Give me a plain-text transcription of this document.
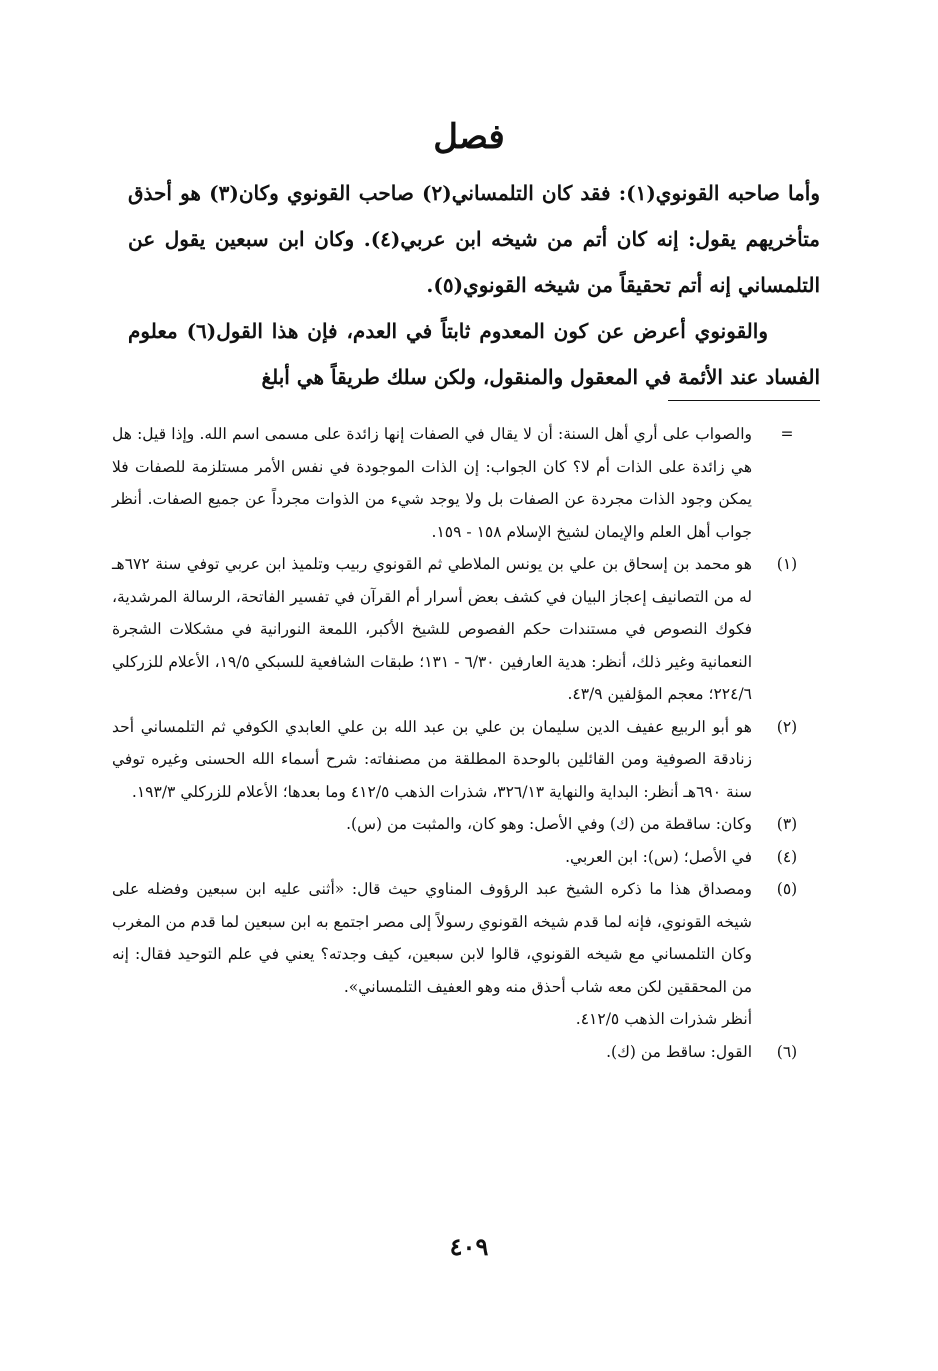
فصل

وأما صاحبه القونوي(١): فقد كان التلمساني(٢) صاحب القونوي وكان(٣) هو أحذق متأخريهم يقول: إنه كان أتم من شيخه ابن عربي(٤). وكان ابن سبعين يقول عن التلمساني إنه أتم تحقيقاً من شيخه القونوي(٥).

والقونوي أعرض عن كون المعدوم ثابتاً في العدم، فإن هذا القول(٦) معلوم الفساد عند الأئمة في المعقول والمنقول، ولكن سلك طريقاً هي أبلغ

=
والصواب على أري أهل السنة: أن لا يقال في الصفات إنها زائدة على مسمى اسم الله. وإذا قيل: هل هي زائدة على الذات أم لا؟ كان الجواب: إن الذات الموجودة في نفس الأمر مستلزمة للصفات فلا يمكن وجود الذات مجردة عن الصفات بل ولا يوجد شيء من الذوات مجرداً عن جميع الصفات. أنظر جواب أهل العلم والإيمان لشيخ الإسلام ١٥٨ - ١٥٩.
(١)
هو محمد بن إسحاق بن علي بن يونس الملاطي ثم القونوي ربيب وتلميذ ابن عربي توفي سنة ٦٧٢هـ له من التصانيف إعجاز البيان في كشف بعض أسرار أم القرآن في تفسير الفاتحة، الرسالة المرشدية، فكوك النصوص في مستندات حكم الفصوص للشيخ الأكبر، اللمعة النورانية في مشكلات الشجرة النعمانية وغير ذلك، أنظر: هدية العارفين ٦/٣٠ - ١٣١؛ طبقات الشافعية للسبكي ١٩/٥، الأعلام للزركلي ٢٢٤/٦؛ معجم المؤلفين ٤٣/٩.
(٢)
هو أبو الربيع عفيف الدين سليمان بن علي بن عبد الله بن علي العابدي الكوفي ثم التلمساني أحد زنادقة الصوفية ومن القائلين بالوحدة المطلقة من مصنفاته: شرح أسماء الله الحسنى وغيره توفي سنة ٦٩٠هـ أنظر: البداية والنهاية ٣٢٦/١٣، شذرات الذهب ٤١٢/٥ وما بعدها؛ الأعلام للزركلي ١٩٣/٣.
(٣)
وكان: ساقطة من (ك) وفي الأصل: وهو كان، والمثبت من (س).
(٤)
في الأصل؛ (س): ابن العربي.
(٥)
ومصداق هذا ما ذكره الشيخ عبد الرؤوف المناوي حيث قال: «أثنى عليه ابن سبعين وفضله على شيخه القونوي، فإنه لما قدم شيخه القونوي رسولاً إلى مصر اجتمع به ابن سبعين لما قدم من المغرب وكان التلمساني مع شيخه القونوي، قالوا لابن سبعين، كيف وجدته؟ يعني في علم التوحيد فقال: إنه من المحققين لكن معه شاب أحذق منه وهو العفيف التلمساني».
أنظر شذرات الذهب ٤١٢/٥.
(٦)
القول: ساقط من (ك).
٤٠٩
